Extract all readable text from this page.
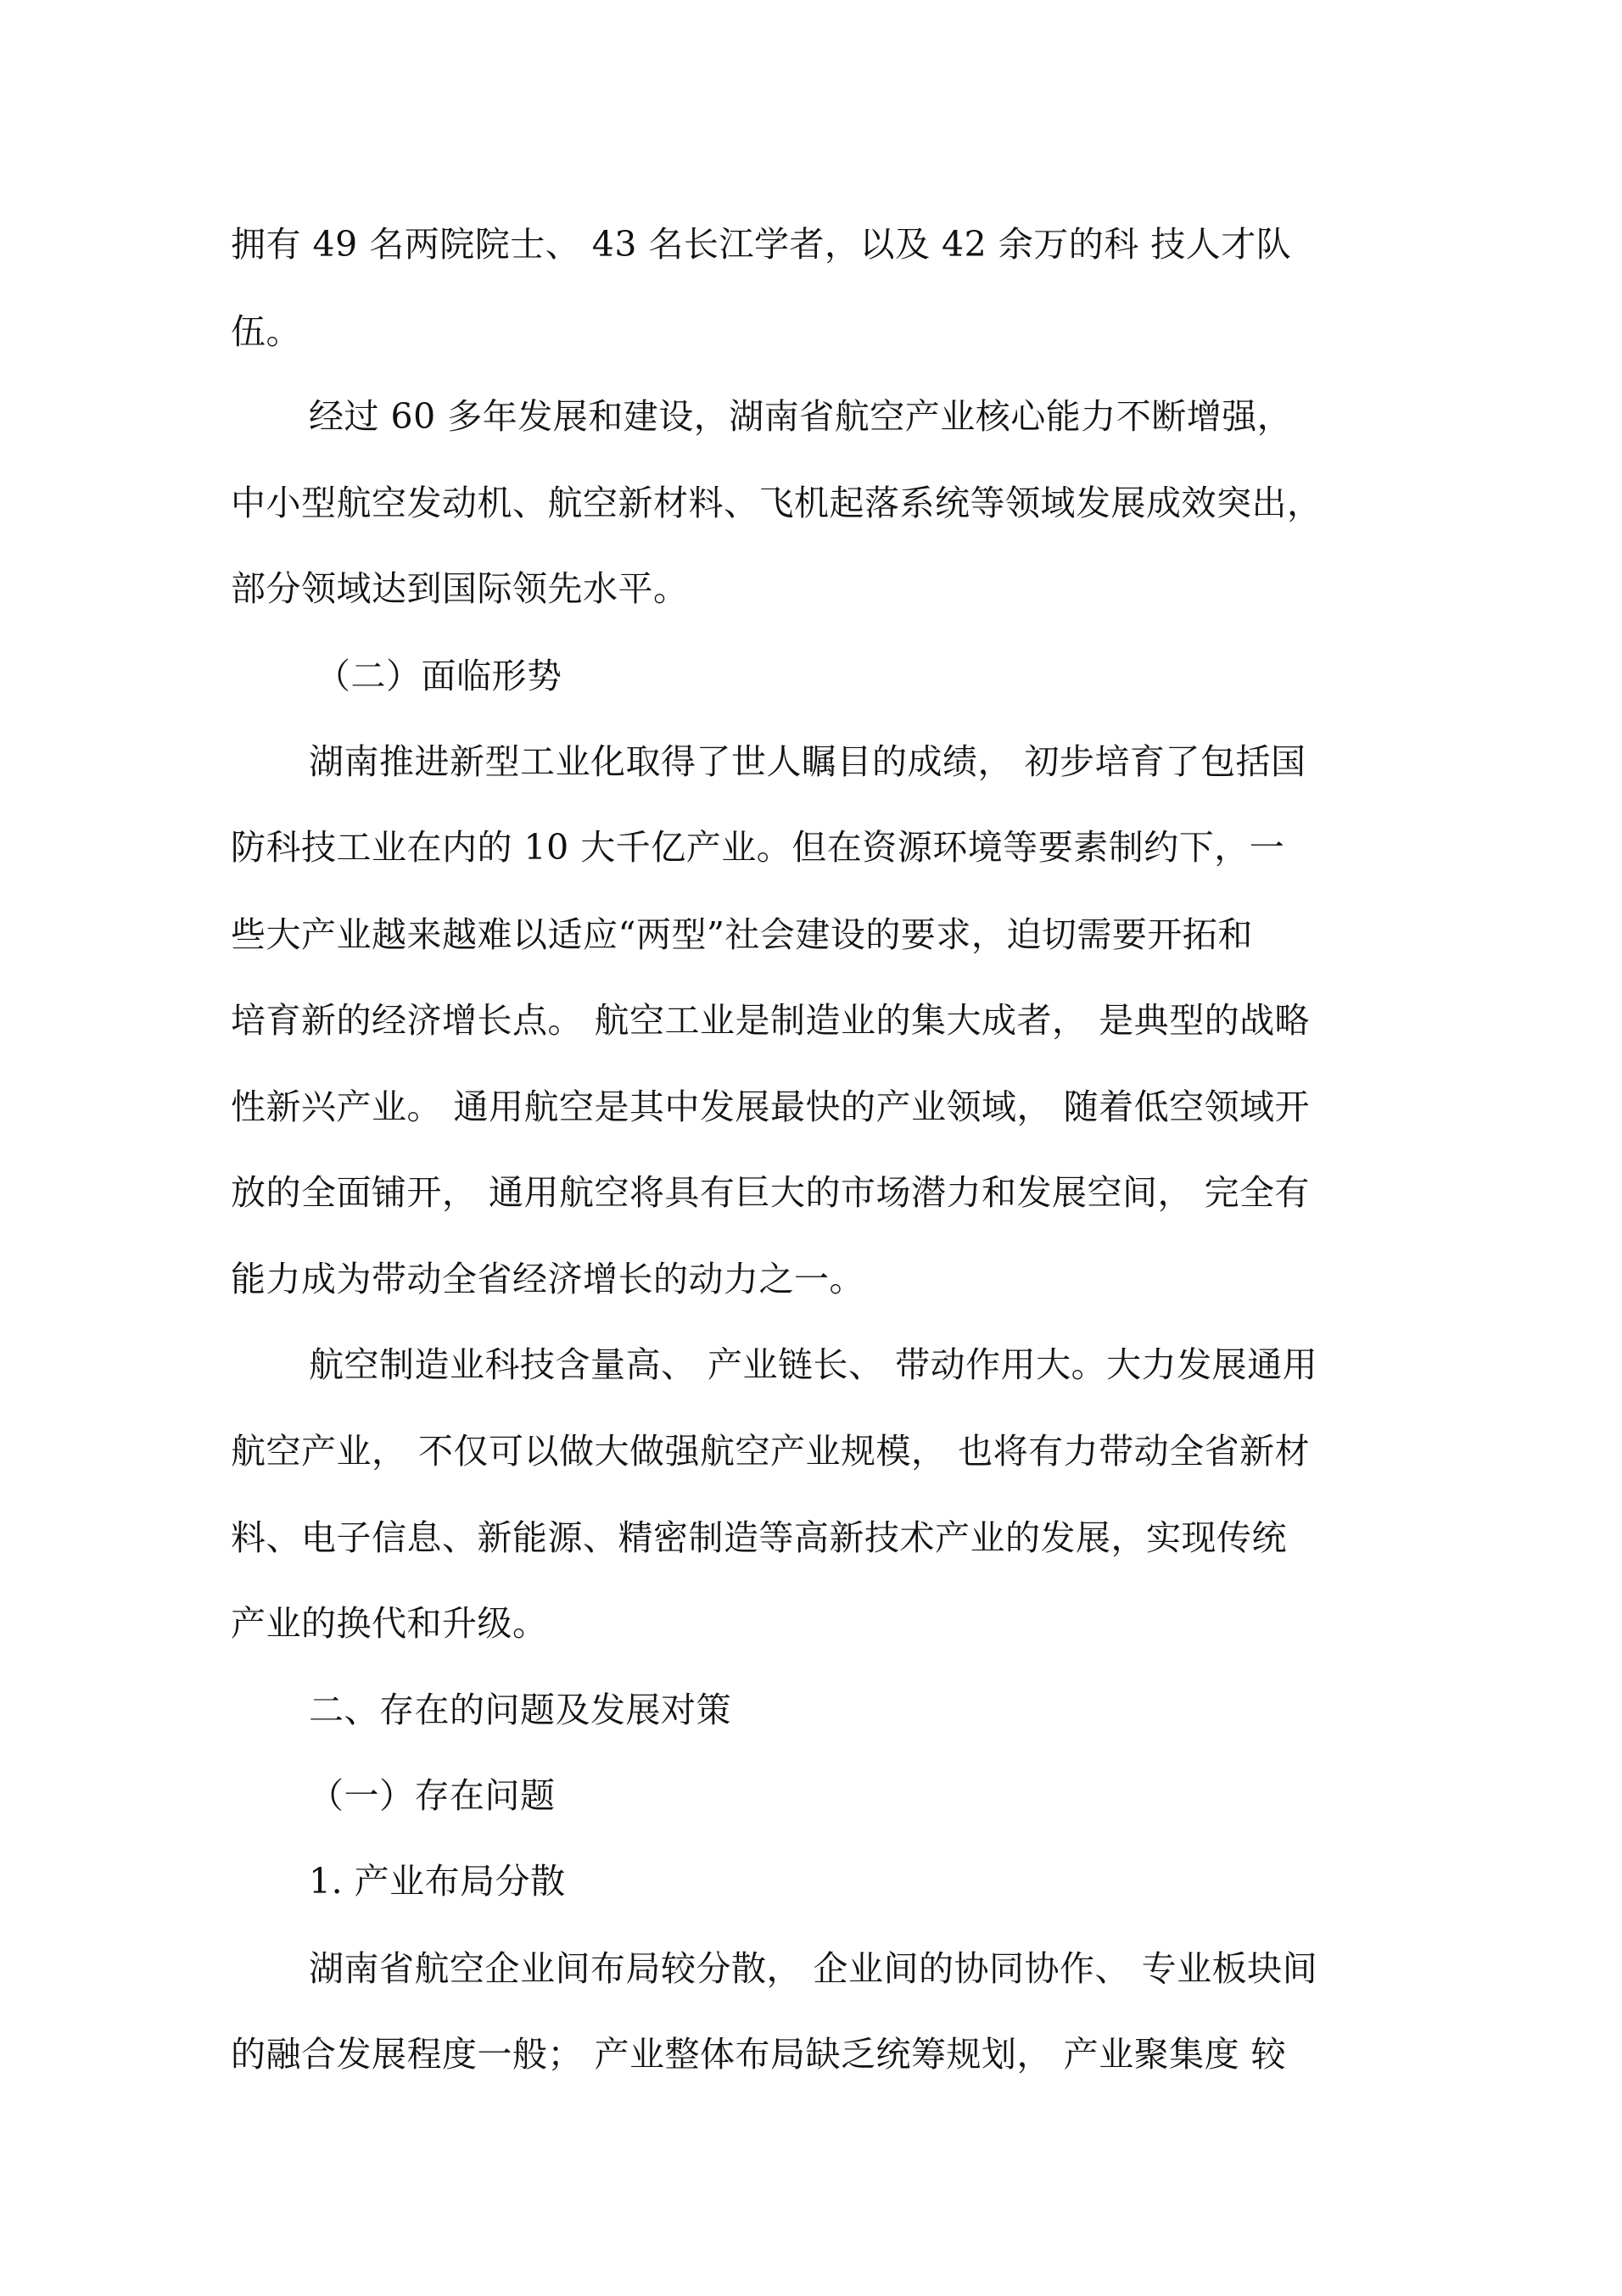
拥有 49 名两院院士、 43 名长江学者，以及 42 余万的科 技人才队

伍。

经过 60 多年发展和建设，湖南省航空产业核心能力不断增强，

中小型航空发动机、航空新材料、飞机起落系统等领域发展成效突出，

部分领域达到国际领先水平。

（二）面临形势

湖南推进新型工业化取得了世人瞩目的成绩， 初步培育了包括国

防科技工业在内的 10 大千亿产业。但在资源环境等要素制约下，一

些大产业越来越难以适应“两型”社会建设的要求，迫切需要开拓和

培育新的经济增长点。 航空工业是制造业的集大成者， 是典型的战略

性新兴产业。 通用航空是其中发展最快的产业领域， 随着低空领域开

放的全面铺开， 通用航空将具有巨大的市场潜力和发展空间， 完全有

能力成为带动全省经济增长的动力之一。

航空制造业科技含量高、 产业链长、 带动作用大。大力发展通用

航空产业， 不仅可以做大做强航空产业规模， 也将有力带动全省新材

料、电子信息、新能源、精密制造等高新技术产业的发展，实现传统

产业的换代和升级。

二、存在的问题及发展对策

（一）存在问题

1. 产业布局分散

湖南省航空企业间布局较分散， 企业间的协同协作、 专业板块间

的融合发展程度一般； 产业整体布局缺乏统筹规划， 产业聚集度 较
